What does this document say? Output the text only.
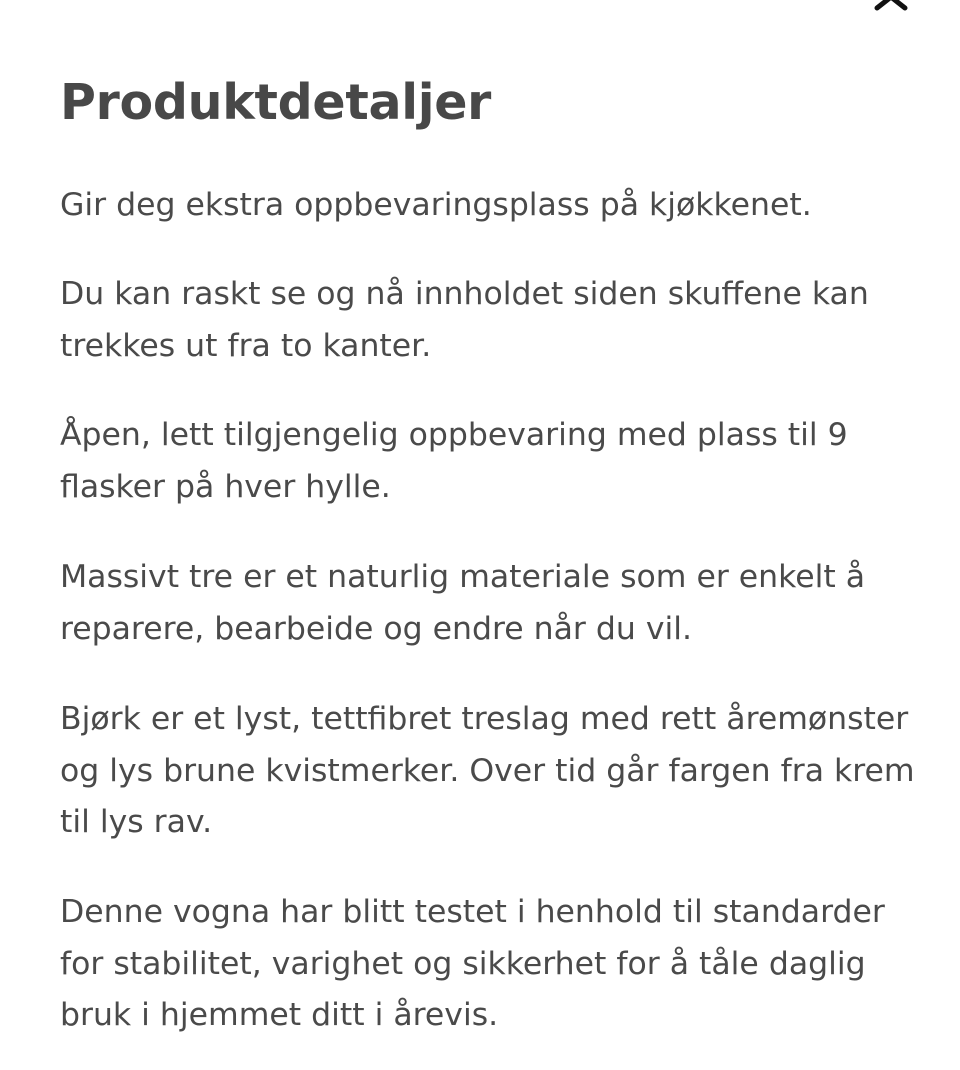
Produktdetaljer

Gir deg ekstra oppbevaringsplass på kjøkkenet.

Du kan raskt se og nå innholdet siden skuffene kan trekkes ut fra to kanter.

Åpen, lett tilgjengelig oppbevaring med plass til 9 flasker på hver hylle.

Massivt tre er et naturlig materiale som er enkelt å reparere, bearbeide og endre når du vil.

Bjørk er et lyst, tettfibret treslag med rett åremønster og lys brune kvistmerker. Over tid går fargen fra krem til lys rav.

Denne vogna har blitt testet i henhold til standarder for stabilitet, varighet og sikkerhet for å tåle daglig bruk i hjemmet ditt i årevis.
